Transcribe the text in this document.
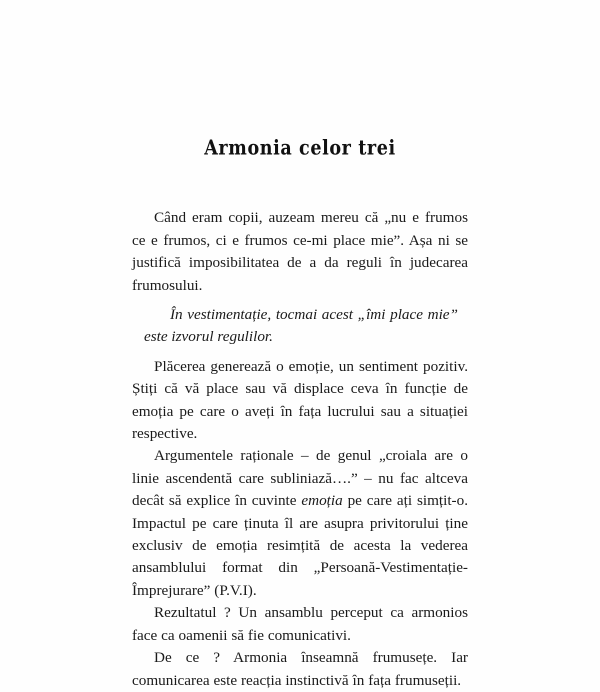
Armonia celor trei

Când eram copii, auzeam mereu că „nu e frumos ce e frumos, ci e frumos ce-mi place mie”. Așa ni se justifică imposibilitatea de a da reguli în judecarea frumosului.

În vestimentație, tocmai acest „îmi place mie” este izvorul regulilor.

Plăcerea generează o emoție, un sentiment pozitiv. Știți că vă place sau vă displace ceva în funcție de emoția pe care o aveți în fața lucrului sau a situației respective.

Argumentele raționale – de genul „croiala are o linie ascendentă care subliniază….” – nu fac altceva decât să explice în cuvinte emoția pe care ați simțit-o. Impactul pe care ținuta îl are asupra privitorului ține exclusiv de emoția resimțită de acesta la vederea ansamblului format din „Persoană-Vestimentație-Împrejurare” (P.V.I).

Rezultatul ? Un ansamblu perceput ca armonios face ca oamenii să fie comunicativi.

De ce ? Armonia înseamnă frumusețe. Iar comunicarea este reacția instinctivă în fața frumuseții.
